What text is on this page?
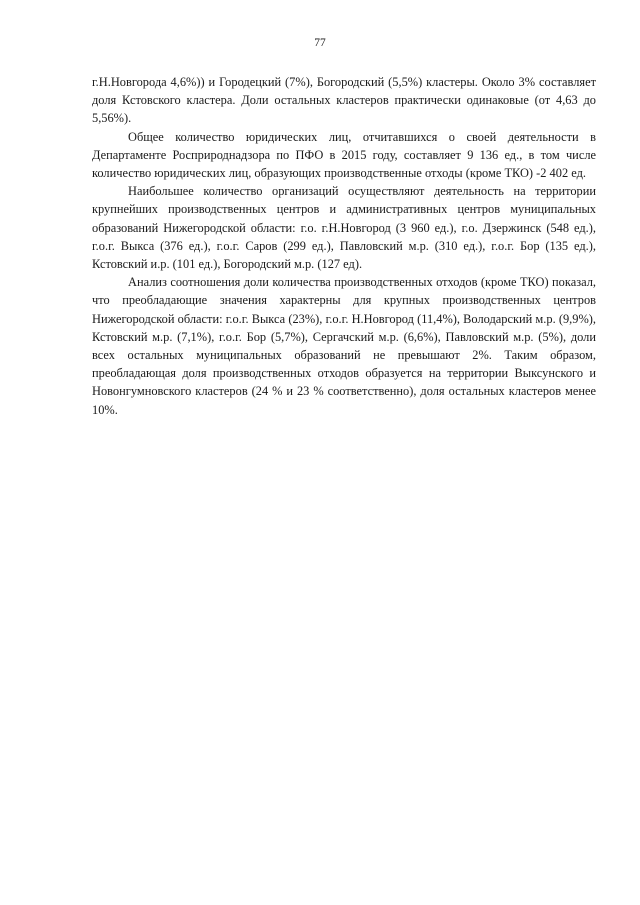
77

г.Н.Новгорода 4,6%)) и Городецкий (7%), Богородский (5,5%) кластеры. Около 3% составляет доля Кстовского кластера. Доли остальных кластеров практически одинаковые (от 4,63 до 5,56%).

Общее количество юридических лиц, отчитавшихся о своей деятельности в Департаменте Росприроднадзора по ПФО в 2015 году, составляет 9 136 ед., в том числе количество юридических лиц, образующих производственные отходы (кроме ТКО) -2 402 ед.

Наибольшее количество организаций осуществляют деятельность на территории крупнейших производственных центров и административных центров муниципальных образований Нижегородской области: г.о. г.Н.Новгород (3 960 ед.), г.о. Дзержинск (548 ед.), г.о.г. Выкса (376 ед.), г.о.г. Саров (299 ед.), Павловский м.р. (310 ед.), г.о.г. Бор (135 ед.), Кстовский и.р. (101 ед.), Богородский м.р. (127 ед).

Анализ соотношения доли количества производственных отходов (кроме ТКО) показал, что преобладающие значения характерны для крупных производственных центров Нижегородской области: г.о.г. Выкса (23%), г.о.г. Н.Новгород (11,4%), Володарский м.р. (9,9%), Кстовский м.р. (7,1%), г.о.г. Бор (5,7%), Сергачский м.р. (6,6%), Павловский м.р. (5%), доли всех остальных муниципальных образований не превышают 2%. Таким образом, преобладающая доля производственных отходов образуется на территории Выксунского и Новонгумновского кластеров (24 % и 23 % соответственно), доля остальных кластеров менее 10%.
